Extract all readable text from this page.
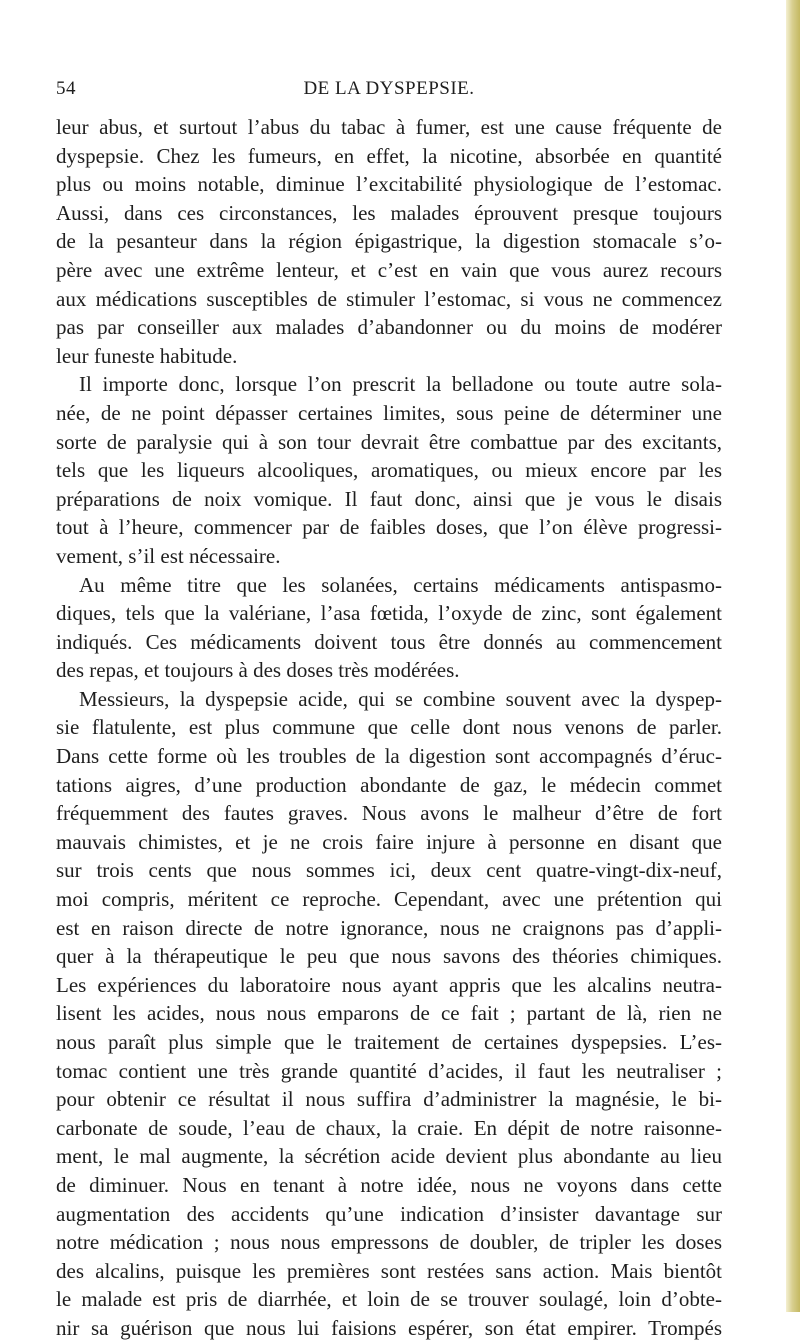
54	DE LA DYSPEPSIE.
leur abus, et surtout l’abus du tabac à fumer, est une cause fréquente de
dyspepsie. Chez les fumeurs, en effet, la nicotine, absorbée en quantité
plus ou moins notable, diminue l’excitabilité physiologique de l’estomac.
Aussi, dans ces circonstances, les malades éprouvent presque toujours
de la pesanteur dans la région épigastrique, la digestion stomacale s’o-
père avec une extrême lenteur, et c’est en vain que vous aurez recours
aux médications susceptibles de stimuler l’estomac, si vous ne commencez
pas par conseiller aux malades d’abandonner ou du moins de modérer
leur funeste habitude.
Il importe donc, lorsque l’on prescrit la belladone ou toute autre sola-
née, de ne point dépasser certaines limites, sous peine de déterminer une
sorte de paralysie qui à son tour devrait être combattue par des excitants,
tels que les liqueurs alcooliques, aromatiques, ou mieux encore par les
préparations de noix vomique. Il faut donc, ainsi que je vous le disais
tout à l’heure, commencer par de faibles doses, que l’on élève progressi-
vement, s’il est nécessaire.
Au même titre que les solanées, certains médicaments antispasmo-
diques, tels que la valériane, l’asa fœtida, l’oxyde de zinc, sont également
indiqués. Ces médicaments doivent tous être donnés au commencement
des repas, et toujours à des doses très modérées.
Messieurs, la dyspepsie acide, qui se combine souvent avec la dyspep-
sie flatulente, est plus commune que celle dont nous venons de parler.
Dans cette forme où les troubles de la digestion sont accompagnés d’éruc-
tations aigres, d’une production abondante de gaz, le médecin commet
fréquemment des fautes graves. Nous avons le malheur d’être de fort
mauvais chimistes, et je ne crois faire injure à personne en disant que
sur trois cents que nous sommes ici, deux cent quatre-vingt-dix-neuf,
moi compris, méritent ce reproche. Cependant, avec une prétention qui
est en raison directe de notre ignorance, nous ne craignons pas d’appli-
quer à la thérapeutique le peu que nous savons des théories chimiques.
Les expériences du laboratoire nous ayant appris que les alcalins neutra-
lisent les acides, nous nous emparons de ce fait ; partant de là, rien ne
nous paraît plus simple que le traitement de certaines dyspepsies. L’es-
tomac contient une très grande quantité d’acides, il faut les neutraliser ;
pour obtenir ce résultat il nous suffira d’administrer la magnésie, le bi-
carbonate de soude, l’eau de chaux, la craie. En dépit de notre raisonne-
ment, le mal augmente, la sécrétion acide devient plus abondante au lieu
de diminuer. Nous en tenant à notre idée, nous ne voyons dans cette
augmentation des accidents qu’une indication d’insister davantage sur
notre médication ; nous nous empressons de doubler, de tripler les doses
des alcalins, puisque les premières sont restées sans action. Mais bientôt
le malade est pris de diarrhée, et loin de se trouver soulagé, loin d’obte-
nir sa guérison que nous lui faisions espérer, son état empirer. Trompés
